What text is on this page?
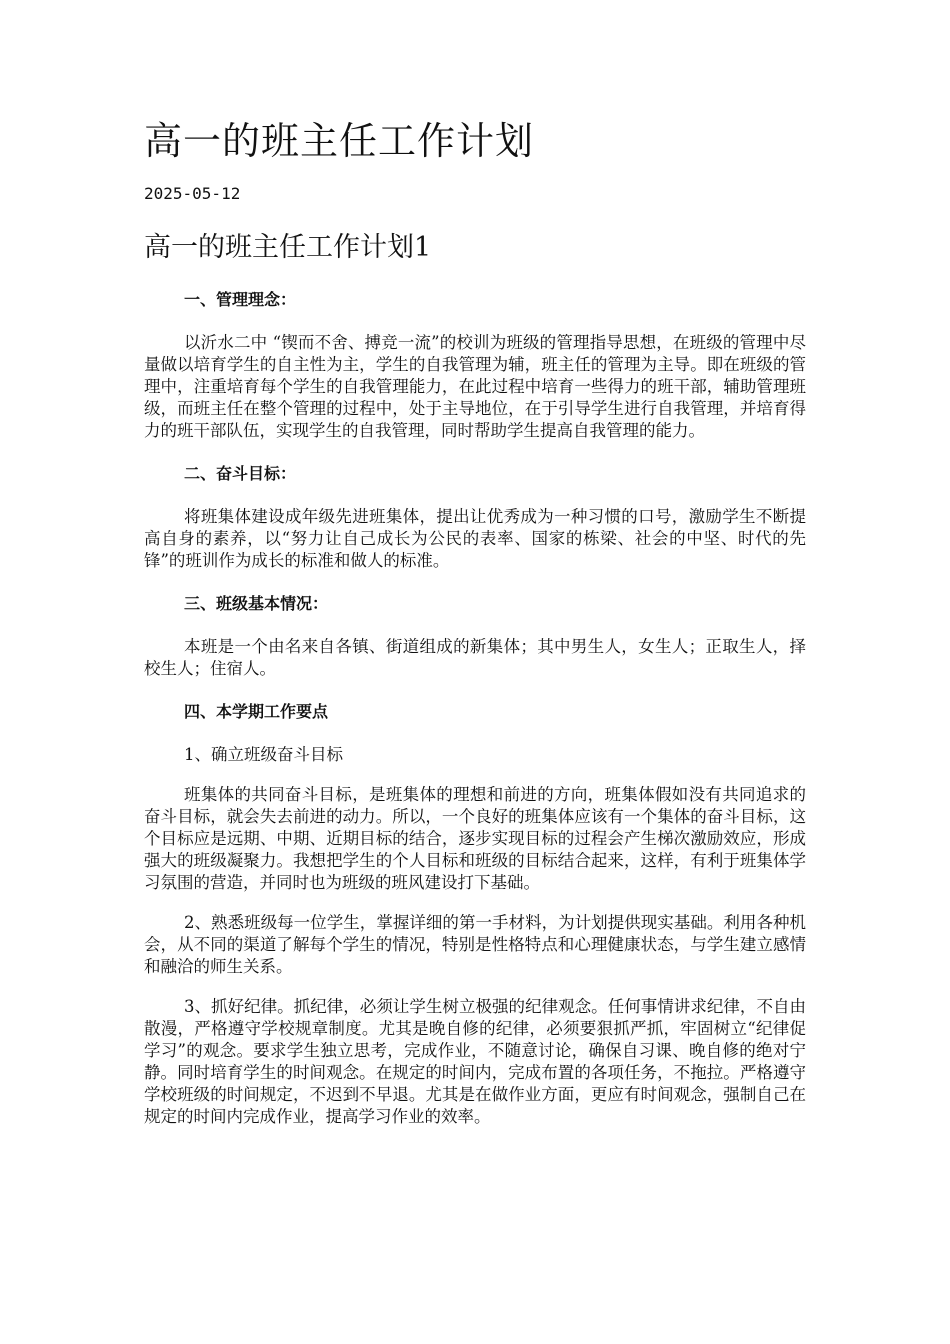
高一的班主任工作计划
2025-05-12
高一的班主任工作计划1
一、管理理念：

以沂水二中 “锲而不舍、搏竞一流”的校训为班级的管理指导思想，在班级的管理中尽量做以培育学生的自主性为主，学生的自我管理为辅，班主任的管理为主导。即在班级的管理中，注重培育每个学生的自我管理能力，在此过程中培育一些得力的班干部，辅助管理班级，而班主任在整个管理的过程中，处于主导地位，在于引导学生进行自我管理，并培育得力的班干部队伍，实现学生的自我管理，同时帮助学生提高自我管理的能力。

二、奋斗目标：

将班集体建设成年级先进班集体，提出让优秀成为一种习惯的口号，激励学生不断提高自身的素养，以“努力让自己成长为公民的表率、国家的栋梁、社会的中坚、时代的先锋”的班训作为成长的标准和做人的标准。

三、班级基本情况：

本班是一个由名来自各镇、街道组成的新集体；其中男生人，女生人；正取生人，择校生人；住宿人。

四、本学期工作要点
1、确立班级奋斗目标

班集体的共同奋斗目标，是班集体的理想和前进的方向，班集体假如没有共同追求的奋斗目标，就会失去前进的动力。所以，一个良好的班集体应该有一个集体的奋斗目标，这个目标应是远期、中期、近期目标的结合，逐步实现目标的过程会产生梯次激励效应，形成强大的班级凝聚力。我想把学生的个人目标和班级的目标结合起来，这样，有利于班集体学习氛围的营造，并同时也为班级的班风建设打下基础。

2、熟悉班级每一位学生，掌握详细的第一手材料，为计划提供现实基础。利用各种机会，从不同的渠道了解每个学生的情况，特别是性格特点和心理健康状态，与学生建立感情和融洽的师生关系。

3、抓好纪律。抓纪律，必须让学生树立极强的纪律观念。任何事情讲求纪律，不自由散漫，严格遵守学校规章制度。尤其是晚自修的纪律，必须要狠抓严抓，牢固树立“纪律促学习”的观念。要求学生独立思考，完成作业，不随意讨论，确保自习课、晚自修的绝对宁静。同时培育学生的时间观念。在规定的时间内，完成布置的各项任务，不拖拉。严格遵守学校班级的时间规定，不迟到不早退。尤其是在做作业方面，更应有时间观念，强制自己在规定的时间内完成作业，提高学习作业的效率。
